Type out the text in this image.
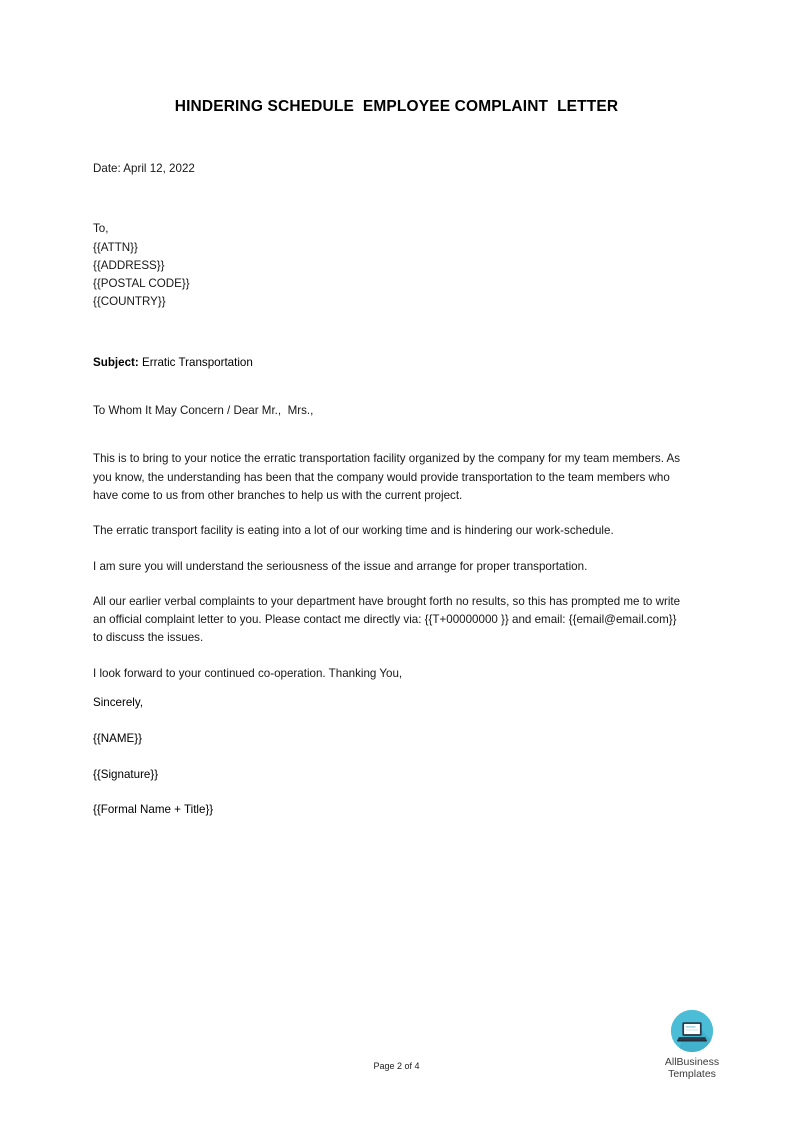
HINDERING SCHEDULE  EMPLOYEE COMPLAINT  LETTER
Date: April 12, 2022
To,
{{ATTN}}
{{ADDRESS}}
{{POSTAL CODE}}
{{COUNTRY}}
Subject: Erratic Transportation
To Whom It May Concern / Dear Mr.,  Mrs.,

This is to bring to your notice the erratic transportation facility organized by the company for my team members. As you know, the understanding has been that the company would provide transportation to the team members who have come to us from other branches to help us with the current project.

The erratic transport facility is eating into a lot of our working time and is hindering our work-schedule.

I am sure you will understand the seriousness of the issue and arrange for proper transportation.

All our earlier verbal complaints to your department have brought forth no results, so this has prompted me to write an official complaint letter to you. Please contact me directly via: {{T+00000000 }} and email: {{email@email.com}} to discuss the issues.

I look forward to your continued co-operation. Thanking You,

Sincerely,
{{NAME}}
{{Signature}}
{{Formal Name + Title}}
Page 2 of 4	AllBusiness
Templates
